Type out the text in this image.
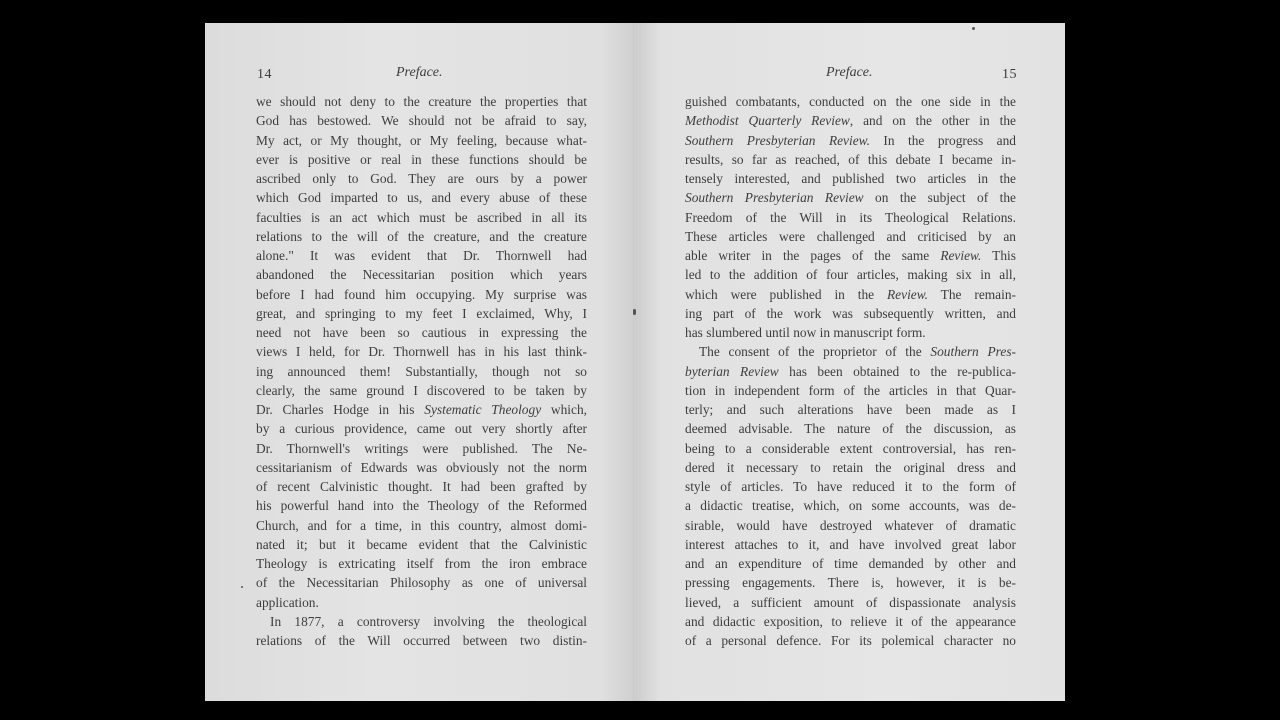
14	Preface.
we should not deny to the creature the properties that
God has bestowed. We should not be afraid to say,
My act, or My thought, or My feeling, because what-
ever is positive or real in these functions should be
ascribed only to God. They are ours by a power
which God imparted to us, and every abuse of these
faculties is an act which must be ascribed in all its
relations to the will of the creature, and the creature
alone." It was evident that Dr. Thornwell had
abandoned the Necessitarian position which years
before I had found him occupying. My surprise was
great, and springing to my feet I exclaimed, Why, I
need not have been so cautious in expressing the
views I held, for Dr. Thornwell has in his last think-
ing announced them! Substantially, though not so
clearly, the same ground I discovered to be taken by
Dr. Charles Hodge in his Systematic Theology which,
by a curious providence, came out very shortly after
Dr. Thornwell's writings were published. The Ne-
cessitarianism of Edwards was obviously not the norm
of recent Calvinistic thought. It had been grafted by
his powerful hand into the Theology of the Reformed
Church, and for a time, in this country, almost domi-
nated it; but it became evident that the Calvinistic
Theology is extricating itself from the iron embrace
of the Necessitarian Philosophy as one of universal
application.
In 1877, a controversy involving the theological
relations of the Will occurred between two distin-
Preface.	15
guished combatants, conducted on the one side in the
Methodist Quarterly Review, and on the other in the
Southern Presbyterian Review. In the progress and
results, so far as reached, of this debate I became in-
tensely interested, and published two articles in the
Southern Presbyterian Review on the subject of the
Freedom of the Will in its Theological Relations.
These articles were challenged and criticised by an
able writer in the pages of the same Review. This
led to the addition of four articles, making six in all,
which were published in the Review. The remain-
ing part of the work was subsequently written, and
has slumbered until now in manuscript form.
The consent of the proprietor of the Southern Pres-
byterian Review has been obtained to the re-publica-
tion in independent form of the articles in that Quar-
terly; and such alterations have been made as I
deemed advisable. The nature of the discussion, as
being to a considerable extent controversial, has ren-
dered it necessary to retain the original dress and
style of articles. To have reduced it to the form of
a didactic treatise, which, on some accounts, was de-
sirable, would have destroyed whatever of dramatic
interest attaches to it, and have involved great labor
and an expenditure of time demanded by other and
pressing engagements. There is, however, it is be-
lieved, a sufficient amount of dispassionate analysis
and didactic exposition, to relieve it of the appearance
of a personal defence. For its polemical character no
